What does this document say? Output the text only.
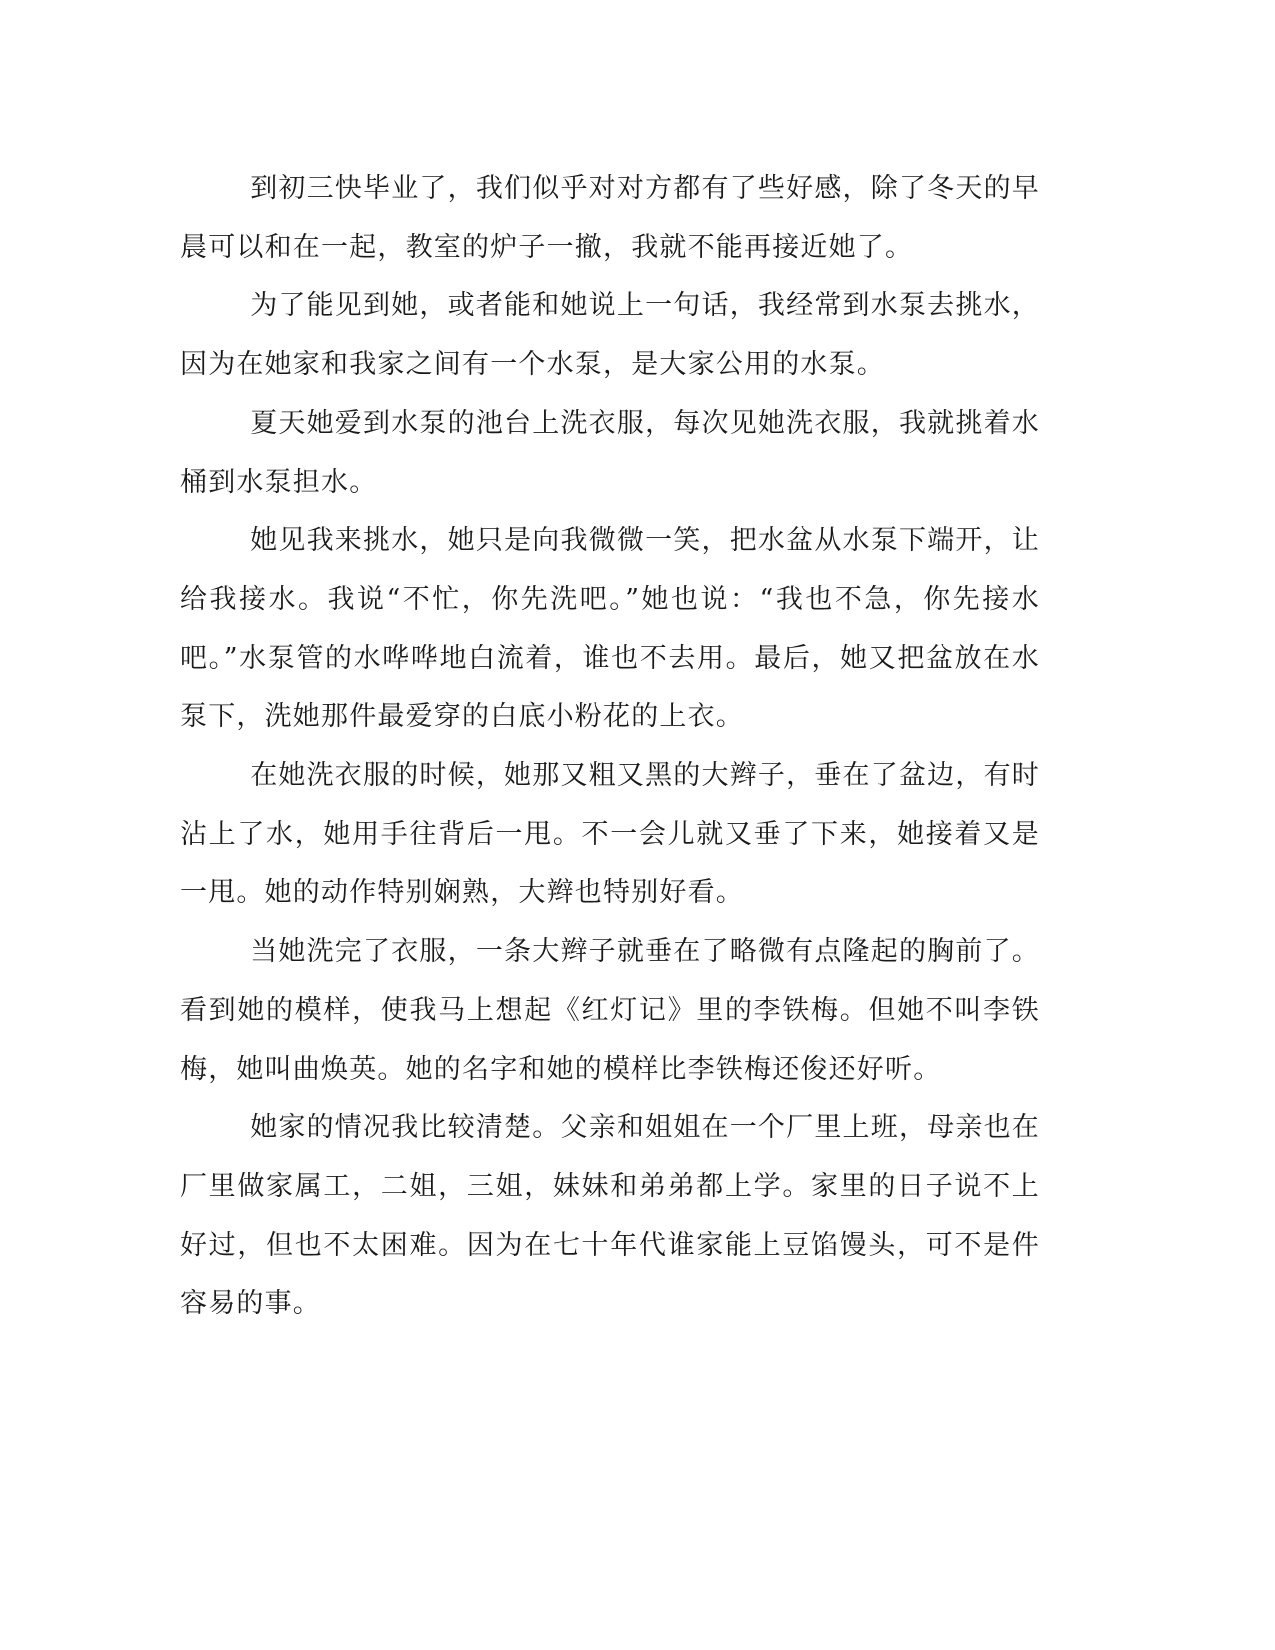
到初三快毕业了，我们似乎对对方都有了些好感，除了冬天的早晨可以和在一起，教室的炉子一撤，我就不能再接近她了。

为了能见到她，或者能和她说上一句话，我经常到水泵去挑水，因为在她家和我家之间有一个水泵，是大家公用的水泵。

夏天她爱到水泵的池台上洗衣服，每次见她洗衣服，我就挑着水桶到水泵担水。

她见我来挑水，她只是向我微微一笑，把水盆从水泵下端开，让给我接水。我说“不忙，你先洗吧。”她也说：“我也不急，你先接水吧。”水泵管的水哗哗地白流着，谁也不去用。最后，她又把盆放在水泵下，洗她那件最爱穿的白底小粉花的上衣。

在她洗衣服的时候，她那又粗又黑的大辫子，垂在了盆边，有时沾上了水，她用手往背后一甩。不一会儿就又垂了下来，她接着又是一甩。她的动作特别娴熟，大辫也特别好看。

当她洗完了衣服，一条大辫子就垂在了略微有点隆起的胸前了。看到她的模样，使我马上想起《红灯记》里的李铁梅。但她不叫李铁梅，她叫曲焕英。她的名字和她的模样比李铁梅还俊还好听。

她家的情况我比较清楚。父亲和姐姐在一个厂里上班，母亲也在厂里做家属工，二姐，三姐，妹妹和弟弟都上学。家里的日子说不上好过，但也不太困难。因为在七十年代谁家能上豆馅馒头，可不是件容易的事。
